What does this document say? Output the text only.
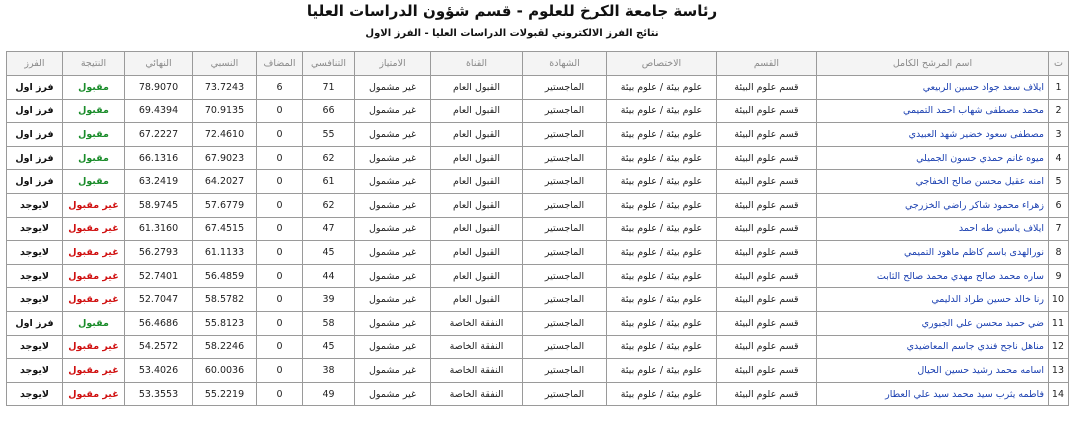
رئاسة جامعة الكرخ للعلوم - قسم شؤون الدراسات العليا
نتائج الفرز الالكتروني لقبولات الدراسات العليا - الفرز الاول
ت	اسم المرشح الكامل	القسم	الاختصاص	الشهادة	القناة	الامتياز	التنافسي	المضاف	النسبي	النهائي	النتيجة	الفرز
1	ايلاف سعد جواد حسين الربيعي	قسم علوم البيئة	علوم بيئة / علوم بيئة	الماجستير	القبول العام	غير مشمول	71	6	73.7243	78.9070	مقبول	فرز اول
2	محمد مصطفى شهاب احمد التميمي	قسم علوم البيئة	علوم بيئة / علوم بيئة	الماجستير	القبول العام	غير مشمول	66	0	70.9135	69.4394	مقبول	فرز اول
3	مصطفى سعود خضير شهد العبيدي	قسم علوم البيئة	علوم بيئة / علوم بيئة	الماجستير	القبول العام	غير مشمول	55	0	72.4610	67.2227	مقبول	فرز اول
4	ميوه غانم حمدي حسون الجميلي	قسم علوم البيئة	علوم بيئة / علوم بيئة	الماجستير	القبول العام	غير مشمول	62	0	67.9023	66.1316	مقبول	فرز اول
5	امنه عقيل محسن صالح الخفاجي	قسم علوم البيئة	علوم بيئة / علوم بيئة	الماجستير	القبول العام	غير مشمول	61	0	64.2027	63.2419	مقبول	فرز اول
6	زهراء محمود شاكر راضي الخزرجي	قسم علوم البيئة	علوم بيئة / علوم بيئة	الماجستير	القبول العام	غير مشمول	62	0	57.6779	58.9745	غير مقبول	لايوجد
7	ايلاف ياسين طه احمد	قسم علوم البيئة	علوم بيئة / علوم بيئة	الماجستير	القبول العام	غير مشمول	47	0	67.4515	61.3160	غير مقبول	لايوجد
8	نورالهدى باسم كاظم ماهود التميمي	قسم علوم البيئة	علوم بيئة / علوم بيئة	الماجستير	القبول العام	غير مشمول	45	0	61.1133	56.2793	غير مقبول	لايوجد
9	ساره محمد صالح مهدي محمد صالح الثابت	قسم علوم البيئة	علوم بيئة / علوم بيئة	الماجستير	القبول العام	غير مشمول	44	0	56.4859	52.7401	غير مقبول	لايوجد
10	رنا خالد حسين طراد الدليمي	قسم علوم البيئة	علوم بيئة / علوم بيئة	الماجستير	القبول العام	غير مشمول	39	0	58.5782	52.7047	غير مقبول	لايوجد
11	ضي حميد محسن علي الجبوري	قسم علوم البيئة	علوم بيئة / علوم بيئة	الماجستير	النفقة الخاصة	غير مشمول	58	0	55.8123	56.4686	مقبول	فرز اول
12	مناهل ناجح فندي جاسم المعاضيدي	قسم علوم البيئة	علوم بيئة / علوم بيئة	الماجستير	النفقة الخاصة	غير مشمول	45	0	58.2246	54.2572	غير مقبول	لايوجد
13	اسامه محمد رشيد حسين الحيال	قسم علوم البيئة	علوم بيئة / علوم بيئة	الماجستير	النفقة الخاصة	غير مشمول	38	0	60.0036	53.4026	غير مقبول	لايوجد
14	فاطمه يثرب سيد محمد سيد علي العطار	قسم علوم البيئة	علوم بيئة / علوم بيئة	الماجستير	النفقة الخاصة	غير مشمول	49	0	55.2219	53.3553	غير مقبول	لايوجد
